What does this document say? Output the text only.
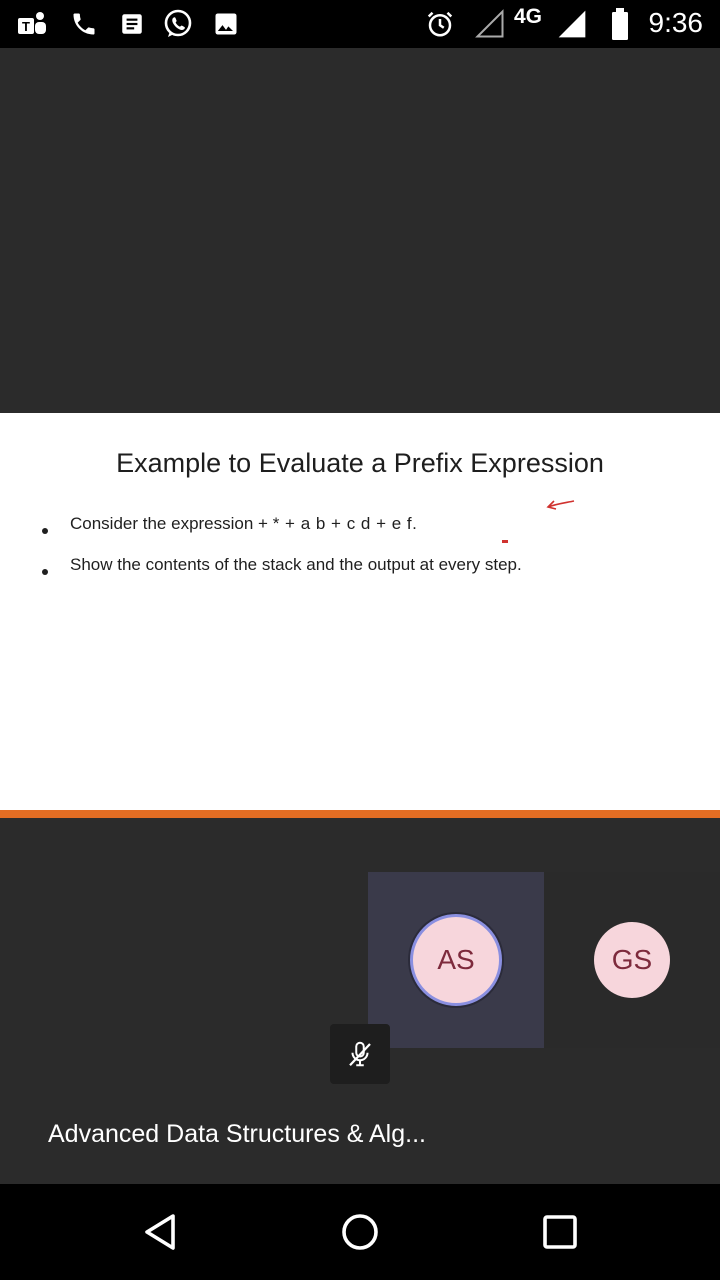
T	4G	9:36
Example to Evaluate a Prefix Expression
Consider the expression + * + a b + c d + e f.
Show the contents of the stack and the output at every step.
AS	GS
Advanced Data Structures & Alg...
